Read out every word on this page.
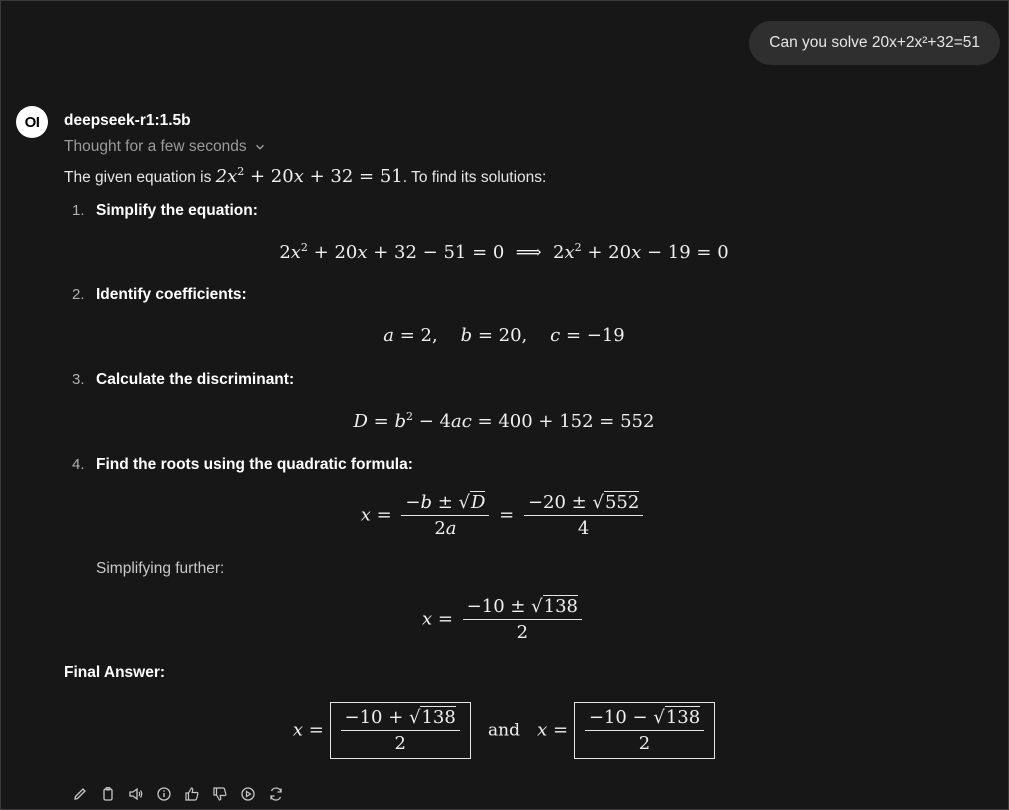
Can you solve 20x+2x²+32=51
OI deepseek-r1:1.5b
Thought for a few seconds
The given equation is $2x^2 + 20x + 32 = 51$. To find its solutions:
1. Simplify the equation:
$2x^2 + 20x + 32 - 51 = 0$  ⟹  $2x^2 + 20x - 19 = 0$
2. Identify coefficients:
a = 2,    b = 20,    c = −19
3. Calculate the discriminant:
$D = b^2 - 4ac = 400 + 152 = 552$
4. Find the roots using the quadratic formula:
$x = \frac{-b \pm √D}{2a} = \frac{-20 \pm √552}{4}$
Simplifying further:
$x = \frac{-10 \pm √138}{2}$
Final Answer:
$x = \frac{-10 + √138}{2}$ and $x = \frac{-10 - √138}{2}$
